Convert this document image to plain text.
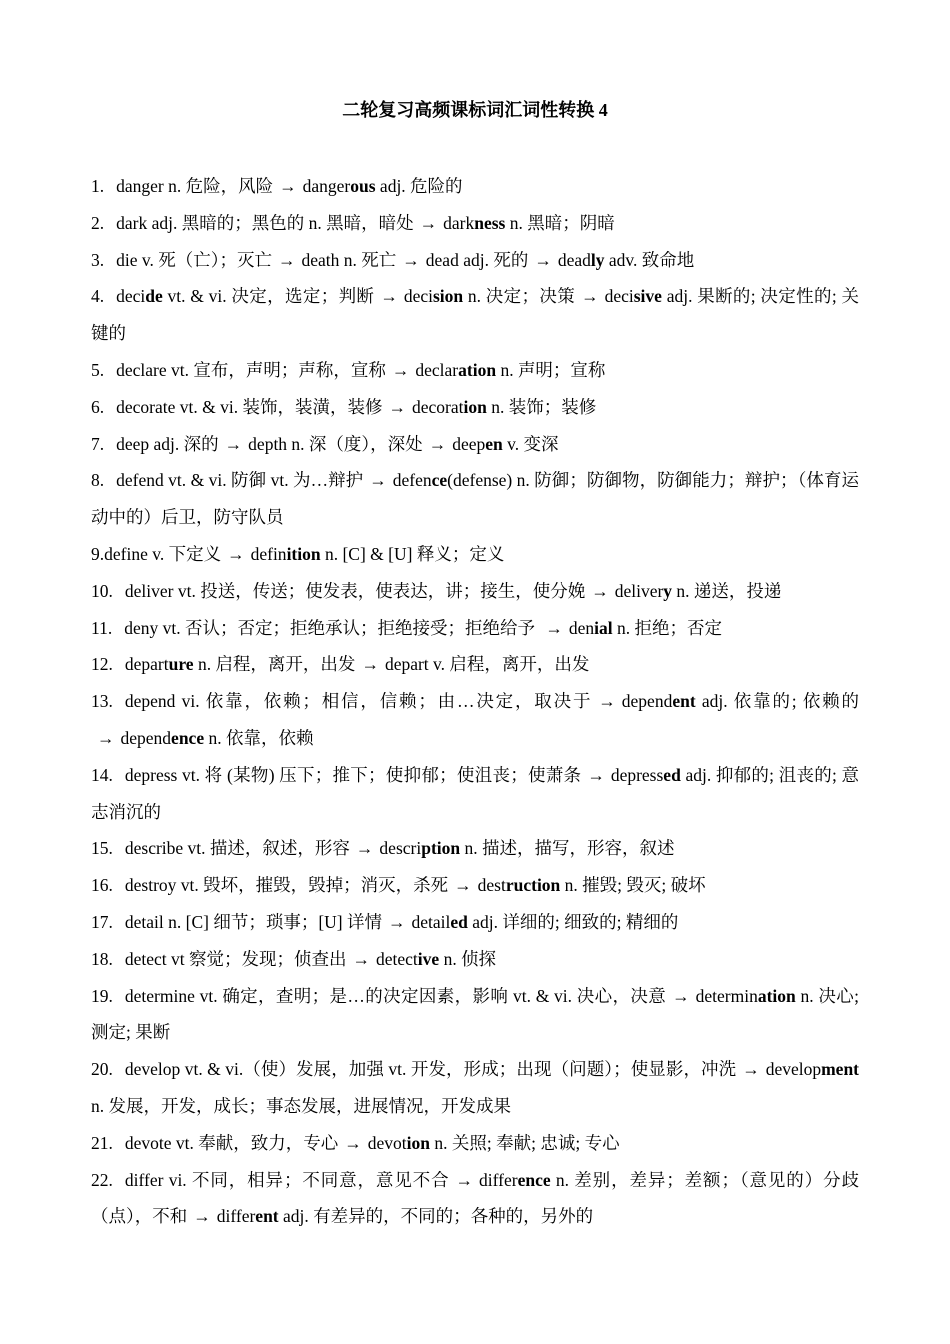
二轮复习高频课标词汇词性转换 4

1. danger n. 危险，风险 → dangerous adj. 危险的

2. dark adj. 黑暗的；黑色的 n. 黑暗，暗处 → darkness n. 黑暗；阴暗

3. die v. 死（亡）；灭亡 → death n. 死亡 → dead adj. 死的 → deadly adv. 致命地

4. decide vt. & vi. 决定，选定；判断 → decision n. 决定；决策 → decisive adj. 果断的; 决定性的; 关键的

5. declare vt. 宣布，声明；声称，宣称 → declaration n. 声明；宣称

6. decorate vt. & vi. 装饰，装潢，装修 → decoration n. 装饰；装修

7. deep adj. 深的 → depth n. 深（度），深处 → deepen v. 变深

8. defend vt. & vi. 防御 vt. 为…辩护 → defence(defense) n. 防御；防御物，防御能力；辩护；（体育运动中的）后卫，防守队员

9.define v. 下定义 → definition n. [C] & [U] 释义；定义

10. deliver vt. 投送，传送；使发表，使表达，讲；接生，使分娩 → delivery n. 递送，投递

11. deny vt. 否认；否定；拒绝承认；拒绝接受；拒绝给予 → denial n. 拒绝；否定

12. departure n. 启程，离开，出发 → depart v. 启程，离开，出发

13. depend vi. 依靠，依赖；相信，信赖；由…决定，取决于 → dependent adj. 依靠的; 依赖的→ dependence n. 依靠，依赖

14. depress vt. 将 (某物) 压下；推下；使抑郁；使沮丧；使萧条 → depressed adj. 抑郁的; 沮丧的; 意志消沉的

15. describe vt. 描述，叙述，形容 → description n. 描述，描写，形容，叙述

16. destroy vt. 毁坏，摧毁，毁掉；消灭，杀死 → destruction n. 摧毁; 毁灭; 破坏

17. detail n. [C] 细节；琐事；[U] 详情 → detailed adj. 详细的; 细致的; 精细的

18. detect vt 察觉；发现；侦查出 → detective n. 侦探

19. determine vt. 确定，查明；是…的决定因素，影响 vt. & vi. 决心，决意 → determination n. 决心; 测定; 果断

20. develop vt. & vi.（使）发展，加强 vt. 开发，形成；出现（问题）；使显影，冲洗 → development n. 发展，开发，成长；事态发展，进展情况，开发成果

21. devote vt. 奉献，致力，专心 → devotion n. 关照; 奉献; 忠诚; 专心

22. differ vi. 不同，相异；不同意，意见不合 → difference n. 差别，差异；差额；（意见的）分歧（点），不和 → different adj. 有差异的，不同的；各种的，另外的
